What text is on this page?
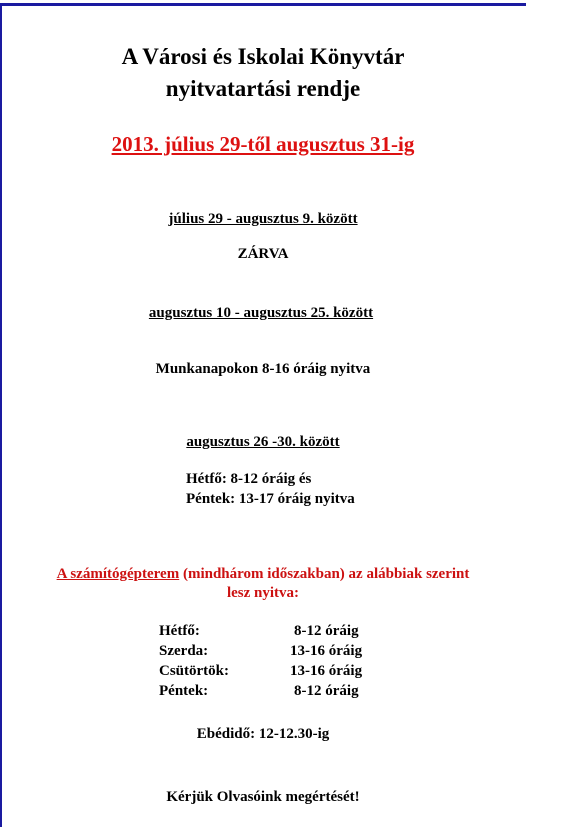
A Városi és Iskolai Könyvtár
nyitvatartási rendje
2013. július 29-től augusztus 31-ig
július 29 - augusztus 9. között
ZÁRVA
augusztus 10 - augusztus 25. között
Munkanapokon 8-16 óráig nyitva
augusztus 26 -30. között
Hétfő: 8-12 óráig és
Péntek: 13-17 óráig nyitva
A számítógépterem (mindhárom időszakban) az alábbiak szerint
lesz nyitva:
Hétfő:	8-12 óráig
Szerda:	13-16 óráig
Csütörtök:	13-16 óráig
Péntek:	8-12 óráig
Ebédidő: 12-12.30-ig
Kérjük Olvasóink megértését!
